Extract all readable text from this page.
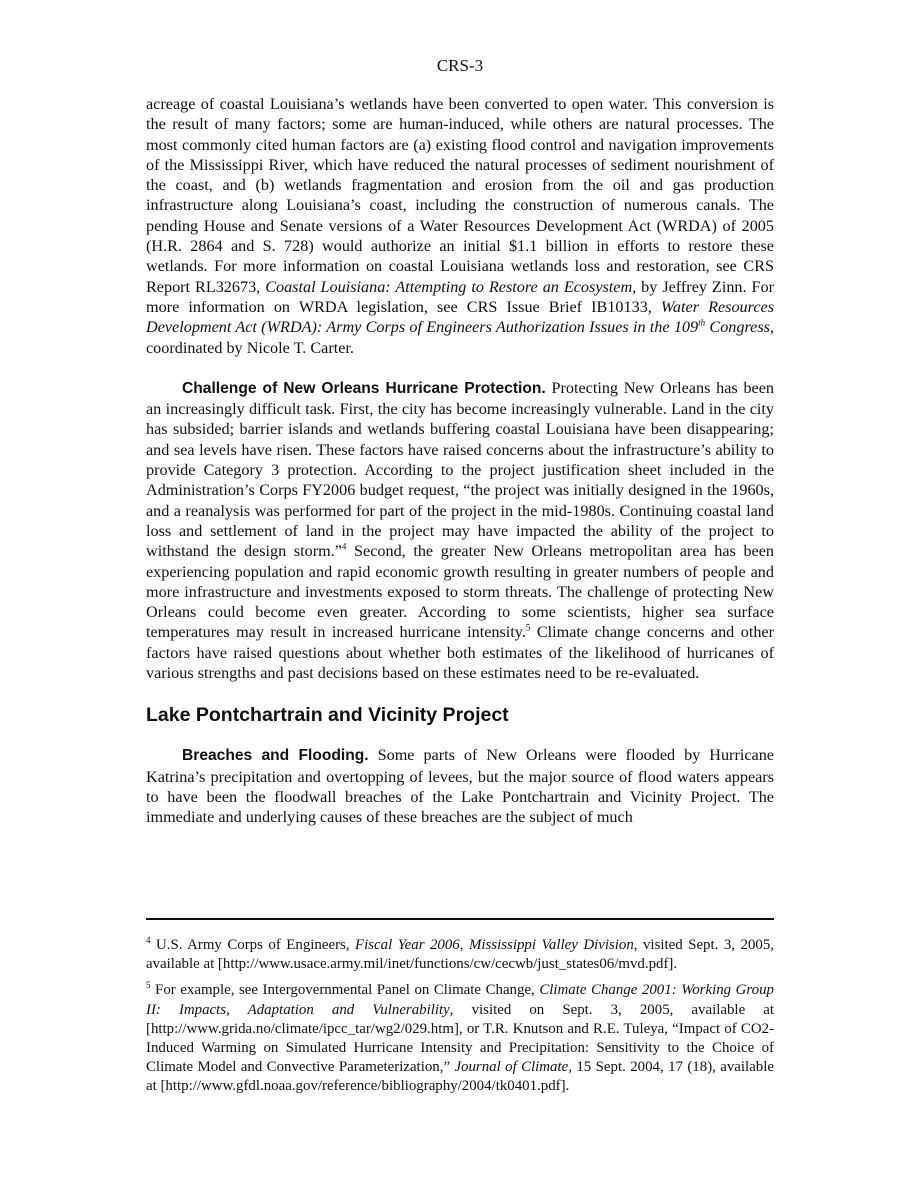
CRS-3

acreage of coastal Louisiana’s wetlands have been converted to open water. This conversion is the result of many factors; some are human-induced, while others are natural processes. The most commonly cited human factors are (a) existing flood control and navigation improvements of the Mississippi River, which have reduced the natural processes of sediment nourishment of the coast, and (b) wetlands fragmentation and erosion from the oil and gas production infrastructure along Louisiana’s coast, including the construction of numerous canals. The pending House and Senate versions of a Water Resources Development Act (WRDA) of 2005 (H.R. 2864 and S. 728) would authorize an initial $1.1 billion in efforts to restore these wetlands. For more information on coastal Louisiana wetlands loss and restoration, see CRS Report RL32673, Coastal Louisiana: Attempting to Restore an Ecosystem, by Jeffrey Zinn. For more information on WRDA legislation, see CRS Issue Brief IB10133, Water Resources Development Act (WRDA): Army Corps of Engineers Authorization Issues in the 109th Congress, coordinated by Nicole T. Carter.

Challenge of New Orleans Hurricane Protection. Protecting New Orleans has been an increasingly difficult task. First, the city has become increasingly vulnerable. Land in the city has subsided; barrier islands and wetlands buffering coastal Louisiana have been disappearing; and sea levels have risen. These factors have raised concerns about the infrastructure’s ability to provide Category 3 protection. According to the project justification sheet included in the Administration’s Corps FY2006 budget request, “the project was initially designed in the 1960s, and a reanalysis was performed for part of the project in the mid-1980s. Continuing coastal land loss and settlement of land in the project may have impacted the ability of the project to withstand the design storm.”$^4$ Second, the greater New Orleans metropolitan area has been experiencing population and rapid economic growth resulting in greater numbers of people and more infrastructure and investments exposed to storm threats. The challenge of protecting New Orleans could become even greater. According to some scientists, higher sea surface temperatures may result in increased hurricane intensity.$^5$ Climate change concerns and other factors have raised questions about whether both estimates of the likelihood of hurricanes of various strengths and past decisions based on these estimates need to be re-evaluated.

Lake Pontchartrain and Vicinity Project

Breaches and Flooding. Some parts of New Orleans were flooded by Hurricane Katrina’s precipitation and overtopping of levees, but the major source of flood waters appears to have been the floodwall breaches of the Lake Pontchartrain and Vicinity Project. The immediate and underlying causes of these breaches are the subject of much

$^4$ U.S. Army Corps of Engineers, Fiscal Year 2006, Mississippi Valley Division, visited Sept. 3, 2005, available at [http://www.usace.army.mil/inet/functions/cw/cecwb/just_states06/mvd.pdf].

$^5$ For example, see Intergovernmental Panel on Climate Change, Climate Change 2001: Working Group II: Impacts, Adaptation and Vulnerability, visited on Sept. 3, 2005, available at [http://www.grida.no/climate/ipcc_tar/wg2/029.htm], or T.R. Knutson and R.E. Tuleya, “Impact of CO2-Induced Warming on Simulated Hurricane Intensity and Precipitation: Sensitivity to the Choice of Climate Model and Convective Parameterization,” Journal of Climate, 15 Sept. 2004, 17 (18), available at [http://www.gfdl.noaa.gov/reference/bibliography/2004/tk0401.pdf].
